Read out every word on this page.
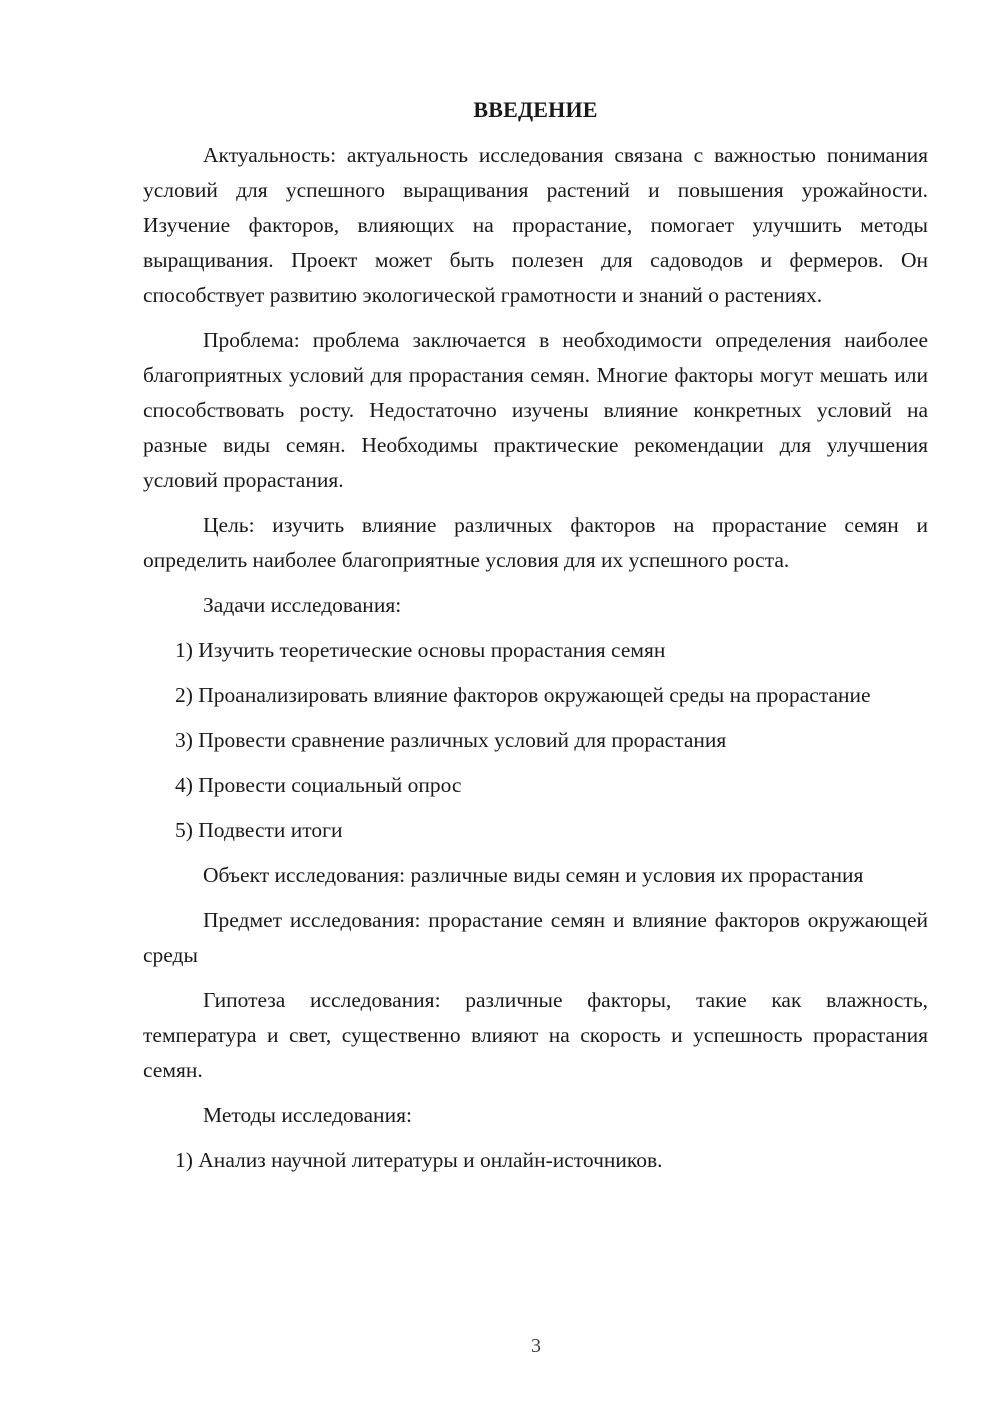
ВВЕДЕНИЕ

Актуальность: актуальность исследования связана с важностью понимания условий для успешного выращивания растений и повышения урожайности. Изучение факторов, влияющих на прорастание, помогает улучшить методы выращивания. Проект может быть полезен для садоводов и фермеров. Он способствует развитию экологической грамотности и знаний о растениях.

Проблема: проблема заключается в необходимости определения наиболее благоприятных условий для прорастания семян. Многие факторы могут мешать или способствовать росту. Недостаточно изучены влияние конкретных условий на разные виды семян. Необходимы практические рекомендации для улучшения условий прорастания.

Цель: изучить влияние различных факторов на прорастание семян и определить наиболее благоприятные условия для их успешного роста.

Задачи исследования:

1) Изучить теоретические основы прорастания семян

2) Проанализировать влияние факторов окружающей среды на прорастание

3) Провести сравнение различных условий для прорастания

4) Провести социальный опрос

5) Подвести итоги

Объект исследования: различные виды семян и условия их прорастания

Предмет исследования: прорастание семян и влияние факторов окружающей среды

Гипотеза исследования: различные факторы, такие как влажность, температура и свет, существенно влияют на скорость и успешность прорастания семян.

Методы исследования:

1) Анализ научной литературы и онлайн-источников.

3
